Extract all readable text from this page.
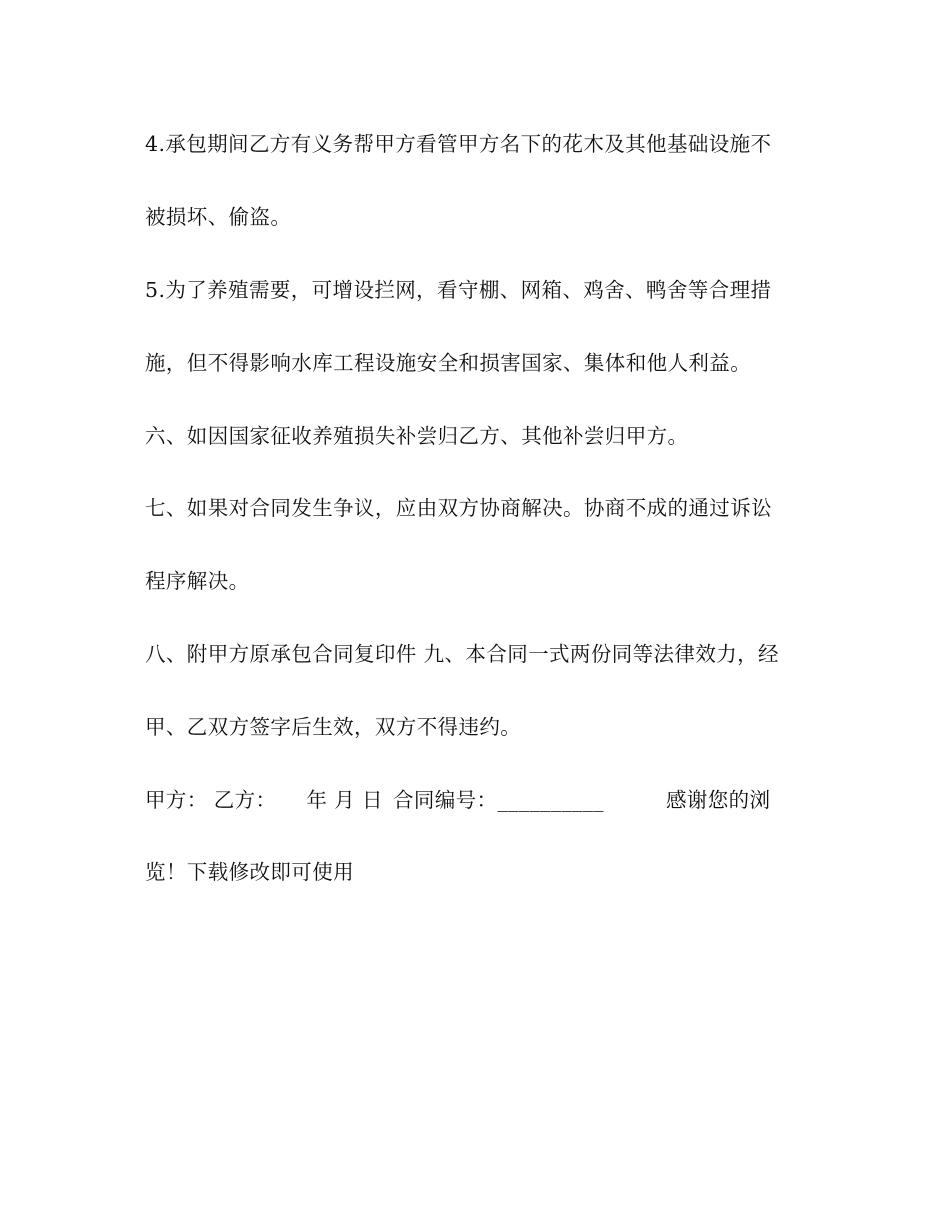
4.承包期间乙方有义务帮甲方看管甲方名下的花木及其他基础设施不
被损坏、偷盗。
5.为了养殖需要，可增设拦网，看守棚、网箱、鸡舍、鸭舍等合理措
施，但不得影响水库工程设施安全和损害国家、集体和他人利益。
六、如因国家征收养殖损失补尝归乙方、其他补尝归甲方。
七、如果对合同发生争议，应由双方协商解决。协商不成的通过诉讼
程序解决。
八、附甲方原承包合同复印件 九、本合同一式两份同等法律效力，经
甲、乙双方签字后生效，双方不得违约。
甲方： 乙方： 年 月 日 合同编号：__________	感谢您的浏
览！下载修改即可使用
